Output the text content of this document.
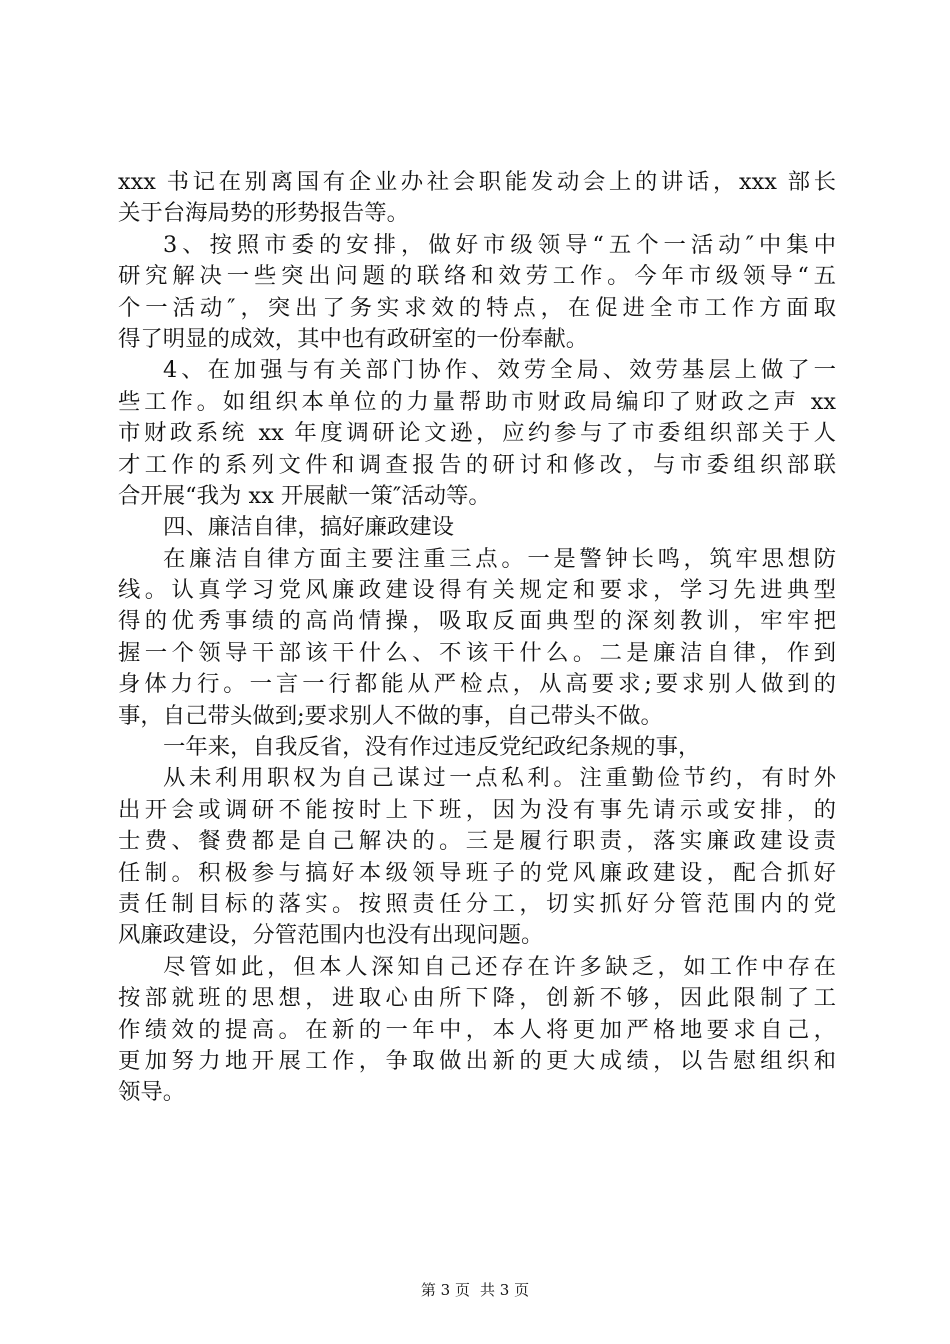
xxx 书记在别离国有企业办社会职能发动会上的讲话，xxx 部长
关于台海局势的形势报告等。
3、按照市委的安排，做好市级领导“五个一活动″中集中
研究解决一些突出问题的联络和效劳工作。今年市级领导“五
个一活动″，突出了务实求效的特点，在促进全市工作方面取
得了明显的成效，其中也有政研室的一份奉献。
4、在加强与有关部门协作、效劳全局、效劳基层上做了一
些工作。如组织本单位的力量帮助市财政局编印了财政之声 xx
市财政系统 xx 年度调研论文逊，应约参与了市委组织部关于人
才工作的系列文件和调查报告的研讨和修改，与市委组织部联
合开展“我为 xx 开展献一策″活动等。
四、廉洁自律，搞好廉政建设
在廉洁自律方面主要注重三点。一是警钟长鸣，筑牢思想防
线。认真学习党风廉政建设得有关规定和要求，学习先进典型
得的优秀事绩的高尚情操，吸取反面典型的深刻教训，牢牢把
握一个领导干部该干什么、不该干什么。二是廉洁自律，作到
身体力行。一言一行都能从严检点，从高要求;要求别人做到的
事，自己带头做到;要求别人不做的事，自己带头不做。
一年来，自我反省，没有作过违反党纪政纪条规的事，
从未利用职权为自己谋过一点私利。注重勤俭节约，有时外
出开会或调研不能按时上下班，因为没有事先请示或安排，的
士费、餐费都是自己解决的。三是履行职责，落实廉政建设责
任制。积极参与搞好本级领导班子的党风廉政建设，配合抓好
责任制目标的落实。按照责任分工，切实抓好分管范围内的党
风廉政建设，分管范围内也没有出现问题。
尽管如此，但本人深知自己还存在许多缺乏，如工作中存在
按部就班的思想，进取心由所下降，创新不够，因此限制了工
作绩效的提高。在新的一年中，本人将更加严格地要求自己，
更加努力地开展工作，争取做出新的更大成绩，以告慰组织和
领导。
第 3 页 共 3 页
